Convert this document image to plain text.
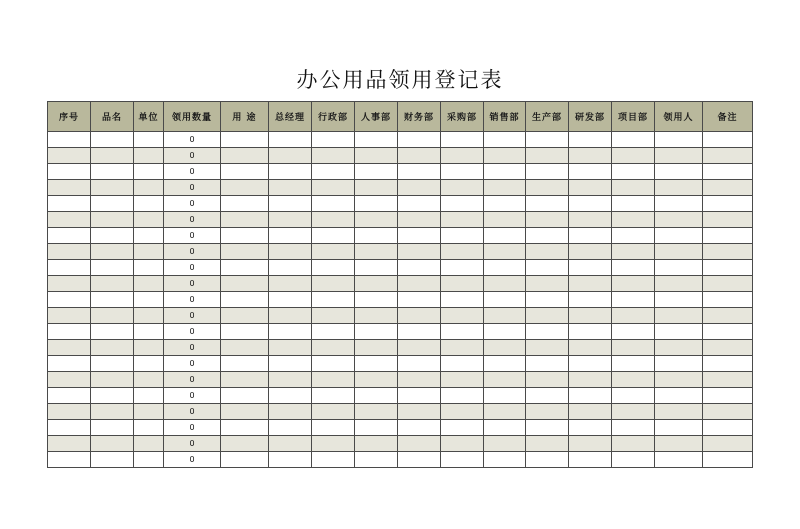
办公用品领用登记表
序号	品名	单位	领用数量	用 途	总经理	行政部	人事部	财务部	采购部	销售部	生产部	研发部	项目部	领用人	备注
			0												
			0												
			0												
			0												
			0												
			0												
			0												
			0												
			0												
			0												
			0												
			0												
			0												
			0												
			0												
			0												
			0												
			0												
			0												
			0												
			0												
